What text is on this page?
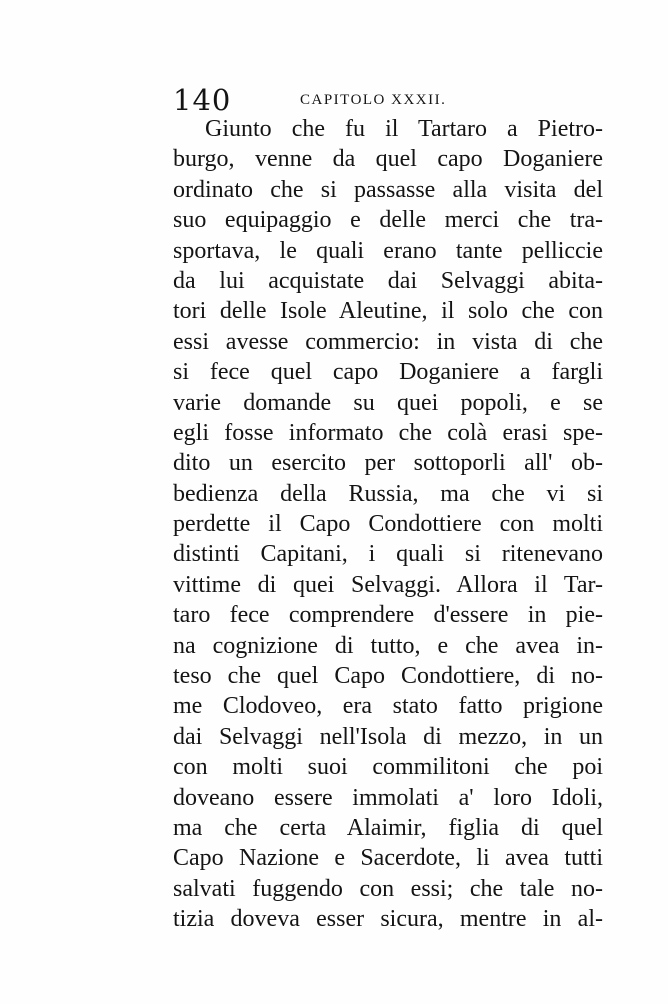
140	CAPITOLO XXXII.
Giunto che fu il Tartaro a Pietro-
burgo, venne da quel capo Doganiere
ordinato che si passasse alla visita del
suo equipaggio e delle merci che tra-
sportava, le quali erano tante pelliccie
da lui acquistate dai Selvaggi abita-
tori delle Isole Aleutine, il solo che con
essi avesse commercio: in vista di che
si fece quel capo Doganiere a fargli
varie domande su quei popoli, e se
egli fosse informato che colà erasi spe-
dito un esercito per sottoporli all' ob-
bedienza della Russia, ma che vi si
perdette il Capo Condottiere con molti
distinti Capitani, i quali si ritenevano
vittime di quei Selvaggi. Allora il Tar-
taro fece comprendere d'essere in pie-
na cognizione di tutto, e che avea in-
teso che quel Capo Condottiere, di no-
me Clodoveo, era stato fatto prigione
dai Selvaggi nell'Isola di mezzo, in un
con molti suoi commilitoni che poi
doveano essere immolati a' loro Idoli,
ma che certa Alaimir, figlia di quel
Capo Nazione e Sacerdote, li avea tutti
salvati fuggendo con essi; che tale no-
tizia doveva esser sicura, mentre in al-
